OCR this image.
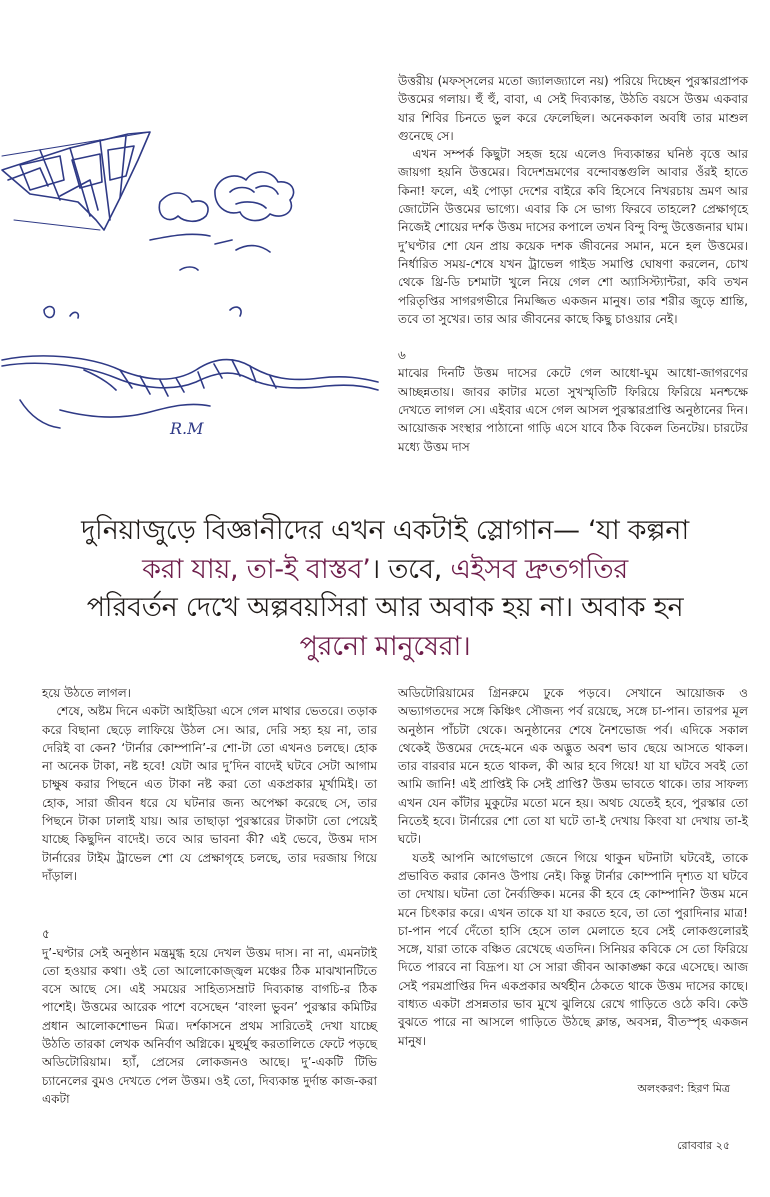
R.M

উত্তরীয় (মফস্সলের মতো জ্যালজ্যালে নয়) পরিয়ে দিচ্ছেন পুরস্কারপ্রাপক উত্তমের গলায়। হুঁ হুঁ, বাবা, এ সেই দিব্যকান্ত, উঠতি বয়সে উত্তম একবার যার শিবির চিনতে ভুল করে ফেলেছিল। অনেককাল অবধি তার মাশুল গুনেছে সে।

এখন সম্পর্ক কিছুটা সহজ হয়ে এলেও দিব্যকান্তর ঘনিষ্ঠ বৃত্তে আর জায়গা হয়নি উত্তমের। বিদেশভ্রমণের বন্দোবস্তগুলি আবার ওঁরই হাতে কিনা! ফলে, এই পোড়া দেশের বাইরে কবি হিসেবে নিখরচায় ভ্রমণ আর জোটেনি উত্তমের ভাগ্যে। এবার কি সে ভাগ্য ফিরবে তাহলে? প্রেক্ষাগৃহে নিজেই শোয়ের দর্শক উত্তম দাসের কপালে তখন বিন্দু বিন্দু উত্তেজনার ঘাম। দু’ঘণ্টার শো যেন প্রায় কয়েক দশক জীবনের সমান, মনে হল উত্তমের। নির্ধারিত সময়-শেষে যখন ট্রাভেল গাইড সমাপ্তি ঘোষণা করলেন, চোখ থেকে থ্রি-ডি চশমাটা খুলে নিয়ে গেল শো অ্যাসিস্ট্যান্টরা, কবি তখন পরিতৃপ্তির সাগরগভীরে নিমজ্জিত একজন মানুষ। তার শরীর জুড়ে শ্রান্তি, তবে তা সুখের। তার আর জীবনের কাছে কিছু চাওয়ার নেই।

৬

মাঝের দিনটি উত্তম দাসের কেটে গেল আধো-ঘুম আধো-জাগরণের আচ্ছন্নতায়। জাবর কাটার মতো সুখস্মৃতিটি ফিরিয়ে ফিরিয়ে মনশ্চক্ষে দেখতে লাগল সে। এইবার এসে গেল আসল পুরস্কারপ্রাপ্তি অনুষ্ঠানের দিন। আয়োজক সংস্থার পাঠানো গাড়ি এসে যাবে ঠিক বিকেল তিনটেয়। চারটের মধ্যে উত্তম দাস

দুনিয়াজুড়ে বিজ্ঞানীদের এখন একটাই স্লোগান— ‘যা কল্পনা
করা যায়, তা-ই বাস্তব’। তবে, এইসব দ্রুতগতির
পরিবর্তন দেখে অল্পবয়সিরা আর অবাক হয় না। অবাক হন
পুরনো মানুষেরা।

হয়ে উঠতে লাগল।

শেষে, অষ্টম দিনে একটা আইডিয়া এসে গেল মাথার ভেতরে। তড়াক করে বিছানা ছেড়ে লাফিয়ে উঠল সে। আর, দেরি সহ্য হয় না, তার দেরিই বা কেন? ‘টার্নার কোম্পানি’-র শো-টা তো এখনও চলছে। হোক না অনেক টাকা, নষ্ট হবে! যেটা আর দু’দিন বাদেই ঘটবে সেটা আগাম চাক্ষুষ করার পিছনে এত টাকা নষ্ট করা তো একপ্রকার মূর্খামিই। তা হোক, সারা জীবন ধরে যে ঘটনার জন্য অপেক্ষা করেছে সে, তার পিছনে টাকা ঢালাই যায়। আর তাছাড়া পুরস্কারের টাকাটা তো পেয়েই যাচ্ছে কিছুদিন বাদেই। তবে আর ভাবনা কী? এই ভেবে, উত্তম দাস টার্নারের টাইম ট্রাভেল শো যে প্রেক্ষাগৃহে চলছে, তার দরজায় গিয়ে দাঁড়াল।

৫

দু’-ঘণ্টার সেই অনুষ্ঠান মন্ত্রমুগ্ধ হয়ে দেখল উত্তম দাস। না না, এমনটাই তো হওয়ার কথা। ওই তো আলোকোজ্জ্বল মঞ্চের ঠিক মাঝখানটিতে বসে আছে সে। এই সময়ের সাহিত্যসম্রাট দিব্যকান্ত বাগচি-র ঠিক পাশেই। উত্তমের আরেক পাশে বসেছেন ‘বাংলা ভুবন’ পুরস্কার কমিটির প্রধান আলোকশোভন মিত্র। দর্শকাসনে প্রথম সারিতেই দেখা যাচ্ছে উঠতি তারকা লেখক অনির্বাণ অগ্নিকে। মুহুর্মুহু করতালিতে ফেটে পড়ছে অডিটোরিয়াম। হ্যাঁ, প্রেসের লোকজনও আছে। দু’-একটি টিভি চ্যানেলের বুমও দেখতে পেল উত্তম। ওই তো, দিব্যকান্ত দুর্দান্ত কাজ-করা একটা

অডিটোরিয়ামের গ্রিনরুমে ঢুকে পড়বে। সেখানে আয়োজক ও অভ্যাগতদের সঙ্গে কিঞ্চিৎ সৌজন্য পর্ব রয়েছে, সঙ্গে চা-পান। তারপর মূল অনুষ্ঠান পাঁচটা থেকে। অনুষ্ঠানের শেষে নৈশভোজ পর্ব। এদিকে সকাল থেকেই উত্তমের দেহে-মনে এক অদ্ভুত অবশ ভাব ছেয়ে আসতে থাকল। তার বারবার মনে হতে থাকল, কী আর হবে গিয়ে! যা যা ঘটবে সবই তো আমি জানি! এই প্রাপ্তিই কি সেই প্রাপ্তি? উত্তম ভাবতে থাকে। তার সাফল্য এখন যেন কাঁটার মুকুটের মতো মনে হয়। অথচ যেতেই হবে, পুরস্কার তো নিতেই হবে। টার্নারের শো তো যা ঘটে তা-ই দেখায় কিংবা যা দেখায় তা-ই ঘটে।

যতই আপনি আগেভাগে জেনে গিয়ে থাকুন ঘটনাটা ঘটবেই, তাকে প্রভাবিত করার কোনও উপায় নেই। কিন্তু টার্নার কোম্পানি দৃশ্যত যা ঘটবে তা দেখায়। ঘটনা তো নৈর্ব্যক্তিক। মনের কী হবে হে কোম্পানি? উত্তম মনে মনে চিৎকার করে। এখন তাকে যা যা করতে হবে, তা তো পুরাদিনার মাত্র! চা-পান পর্বে দেঁতো হাসি হেসে তাল মেলাতে হবে সেই লোকগুলোরই সঙ্গে, যারা তাকে বঞ্চিত রেখেছে এতদিন। সিনিয়র কবিকে সে তো ফিরিয়ে দিতে পারবে না বিদ্রূপ। যা সে সারা জীবন আকাঙ্ক্ষা করে এসেছে। আজ সেই পরমপ্রাপ্তির দিন একপ্রকার অর্থহীন ঠেকতে থাকে উত্তম দাসের কাছে। বাধ্যত একটা প্রসন্নতার ভাব মুখে ঝুলিয়ে রেখে গাড়িতে ওঠে কবি। কেউ বুঝতে পারে না আসলে গাড়িতে উঠছে ক্লান্ত, অবসন্ন, বীতস্পৃহ একজন মানুষ।

অলংকরণ: হিরণ মিত্র
রোববার ২৫
